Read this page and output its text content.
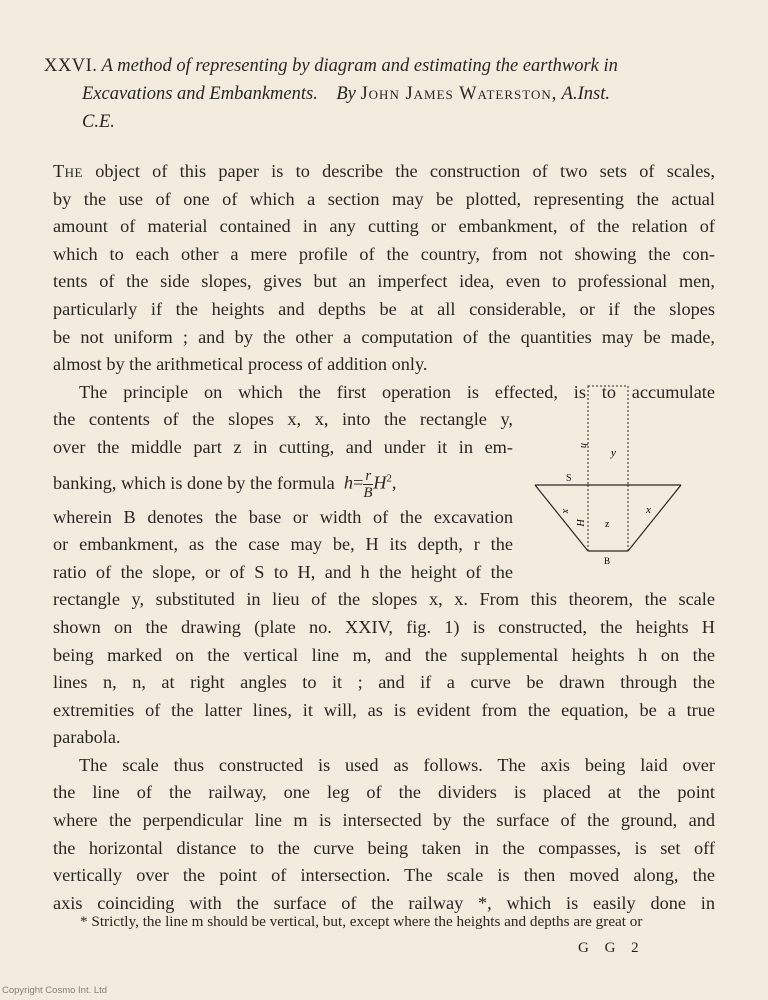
XXVI. A method of representing by diagram and estimating the earthwork in
Excavations and Embankments. By John James Waterston, A.Inst.
C.E.

The object of this paper is to describe the construction of two sets of scales,
by the use of one of which a section may be plotted, representing the actual
amount of material contained in any cutting or embankment, of the relation of
which to each other a mere profile of the country, from not showing the con-
tents of the side slopes, gives but an imperfect idea, even to professional men,
particularly if the heights and depths be at all considerable, or if the slopes
be not uniform ; and by the other a computation of the quantities may be made,
almost by the arithmetical process of addition only.

The principle on which the first operation is effected, is to accumulate
the contents of the slopes x, x, into the rectangle y,
over the middle part z in cutting, and under it in em-
banking, which is done by the formula $h= \frac{r}{B} H^2$,
wherein B denotes the base or width of the excavation
or embankment, as the case may be, H its depth, r the
ratio of the slope, or of S to H, and h the height of the
rectangle y, substituted in lieu of the slopes x, x. From this theorem, the scale
shown on the drawing (plate no. XXIV, fig. 1) is constructed, the heights H
being marked on the vertical line m, and the supplemental heights h on the
lines n, n, at right angles to it ; and if a curve be drawn through the
extremities of the latter lines, it will, as is evident from the equation, be a true
parabola.

The scale thus constructed is used as follows. The axis being laid over
the line of the railway, one leg of the dividers is placed at the point
where the perpendicular line m is intersected by the surface of the ground, and
the horizontal distance to the curve being taken in the compasses, is set off
vertically over the point of intersection. The scale is then moved along, the
axis coinciding with the surface of the railway *, which is easily done in

y
h
S
x	x
H z
B
* Strictly, the line m should be vertical, but, except where the heights and depths are great or
G G 2
Copyright Cosmo Int. Ltd
